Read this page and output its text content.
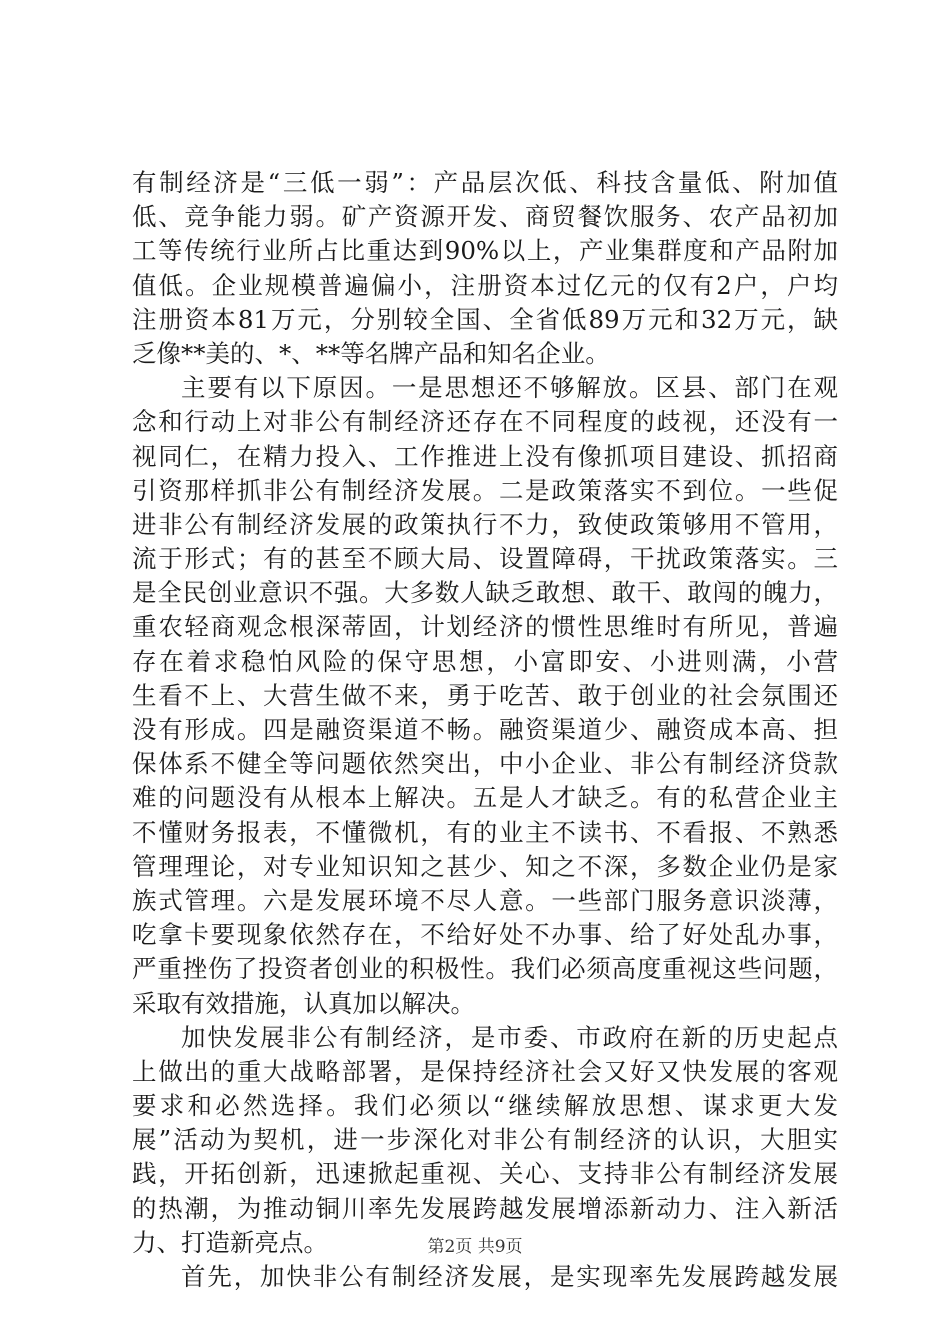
有制经济是“三低一弱”：产品层次低、科技含量低、附加值
低、竞争能力弱。矿产资源开发、商贸餐饮服务、农产品初加
工等传统行业所占比重达到90%以上，产业集群度和产品附加
值低。企业规模普遍偏小，注册资本过亿元的仅有2户，户均
注册资本81万元，分别较全国、全省低89万元和32万元，缺
乏像**美的、*、**等名牌产品和知名企业。
主要有以下原因。一是思想还不够解放。区县、部门在观
念和行动上对非公有制经济还存在不同程度的歧视，还没有一
视同仁，在精力投入、工作推进上没有像抓项目建设、抓招商
引资那样抓非公有制经济发展。二是政策落实不到位。一些促
进非公有制经济发展的政策执行不力，致使政策够用不管用，
流于形式；有的甚至不顾大局、设置障碍，干扰政策落实。三
是全民创业意识不强。大多数人缺乏敢想、敢干、敢闯的魄力，
重农轻商观念根深蒂固，计划经济的惯性思维时有所见，普遍
存在着求稳怕风险的保守思想，小富即安、小进则满，小营
生看不上、大营生做不来，勇于吃苦、敢于创业的社会氛围还
没有形成。四是融资渠道不畅。融资渠道少、融资成本高、担
保体系不健全等问题依然突出，中小企业、非公有制经济贷款
难的问题没有从根本上解决。五是人才缺乏。有的私营企业主
不懂财务报表，不懂微机，有的业主不读书、不看报、不熟悉
管理理论，对专业知识知之甚少、知之不深，多数企业仍是家
族式管理。六是发展环境不尽人意。一些部门服务意识淡薄，
吃拿卡要现象依然存在，不给好处不办事、给了好处乱办事，
严重挫伤了投资者创业的积极性。我们必须高度重视这些问题，
采取有效措施，认真加以解决。
加快发展非公有制经济，是市委、市政府在新的历史起点
上做出的重大战略部署，是保持经济社会又好又快发展的客观
要求和必然选择。我们必须以“继续解放思想、谋求更大发
展”活动为契机，进一步深化对非公有制经济的认识，大胆实
践，开拓创新，迅速掀起重视、关心、支持非公有制经济发展
的热潮，为推动铜川率先发展跨越发展增添新动力、注入新活
力、打造新亮点。
首先，加快非公有制经济发展，是实现率先发展跨越发展
第2页 共9页
